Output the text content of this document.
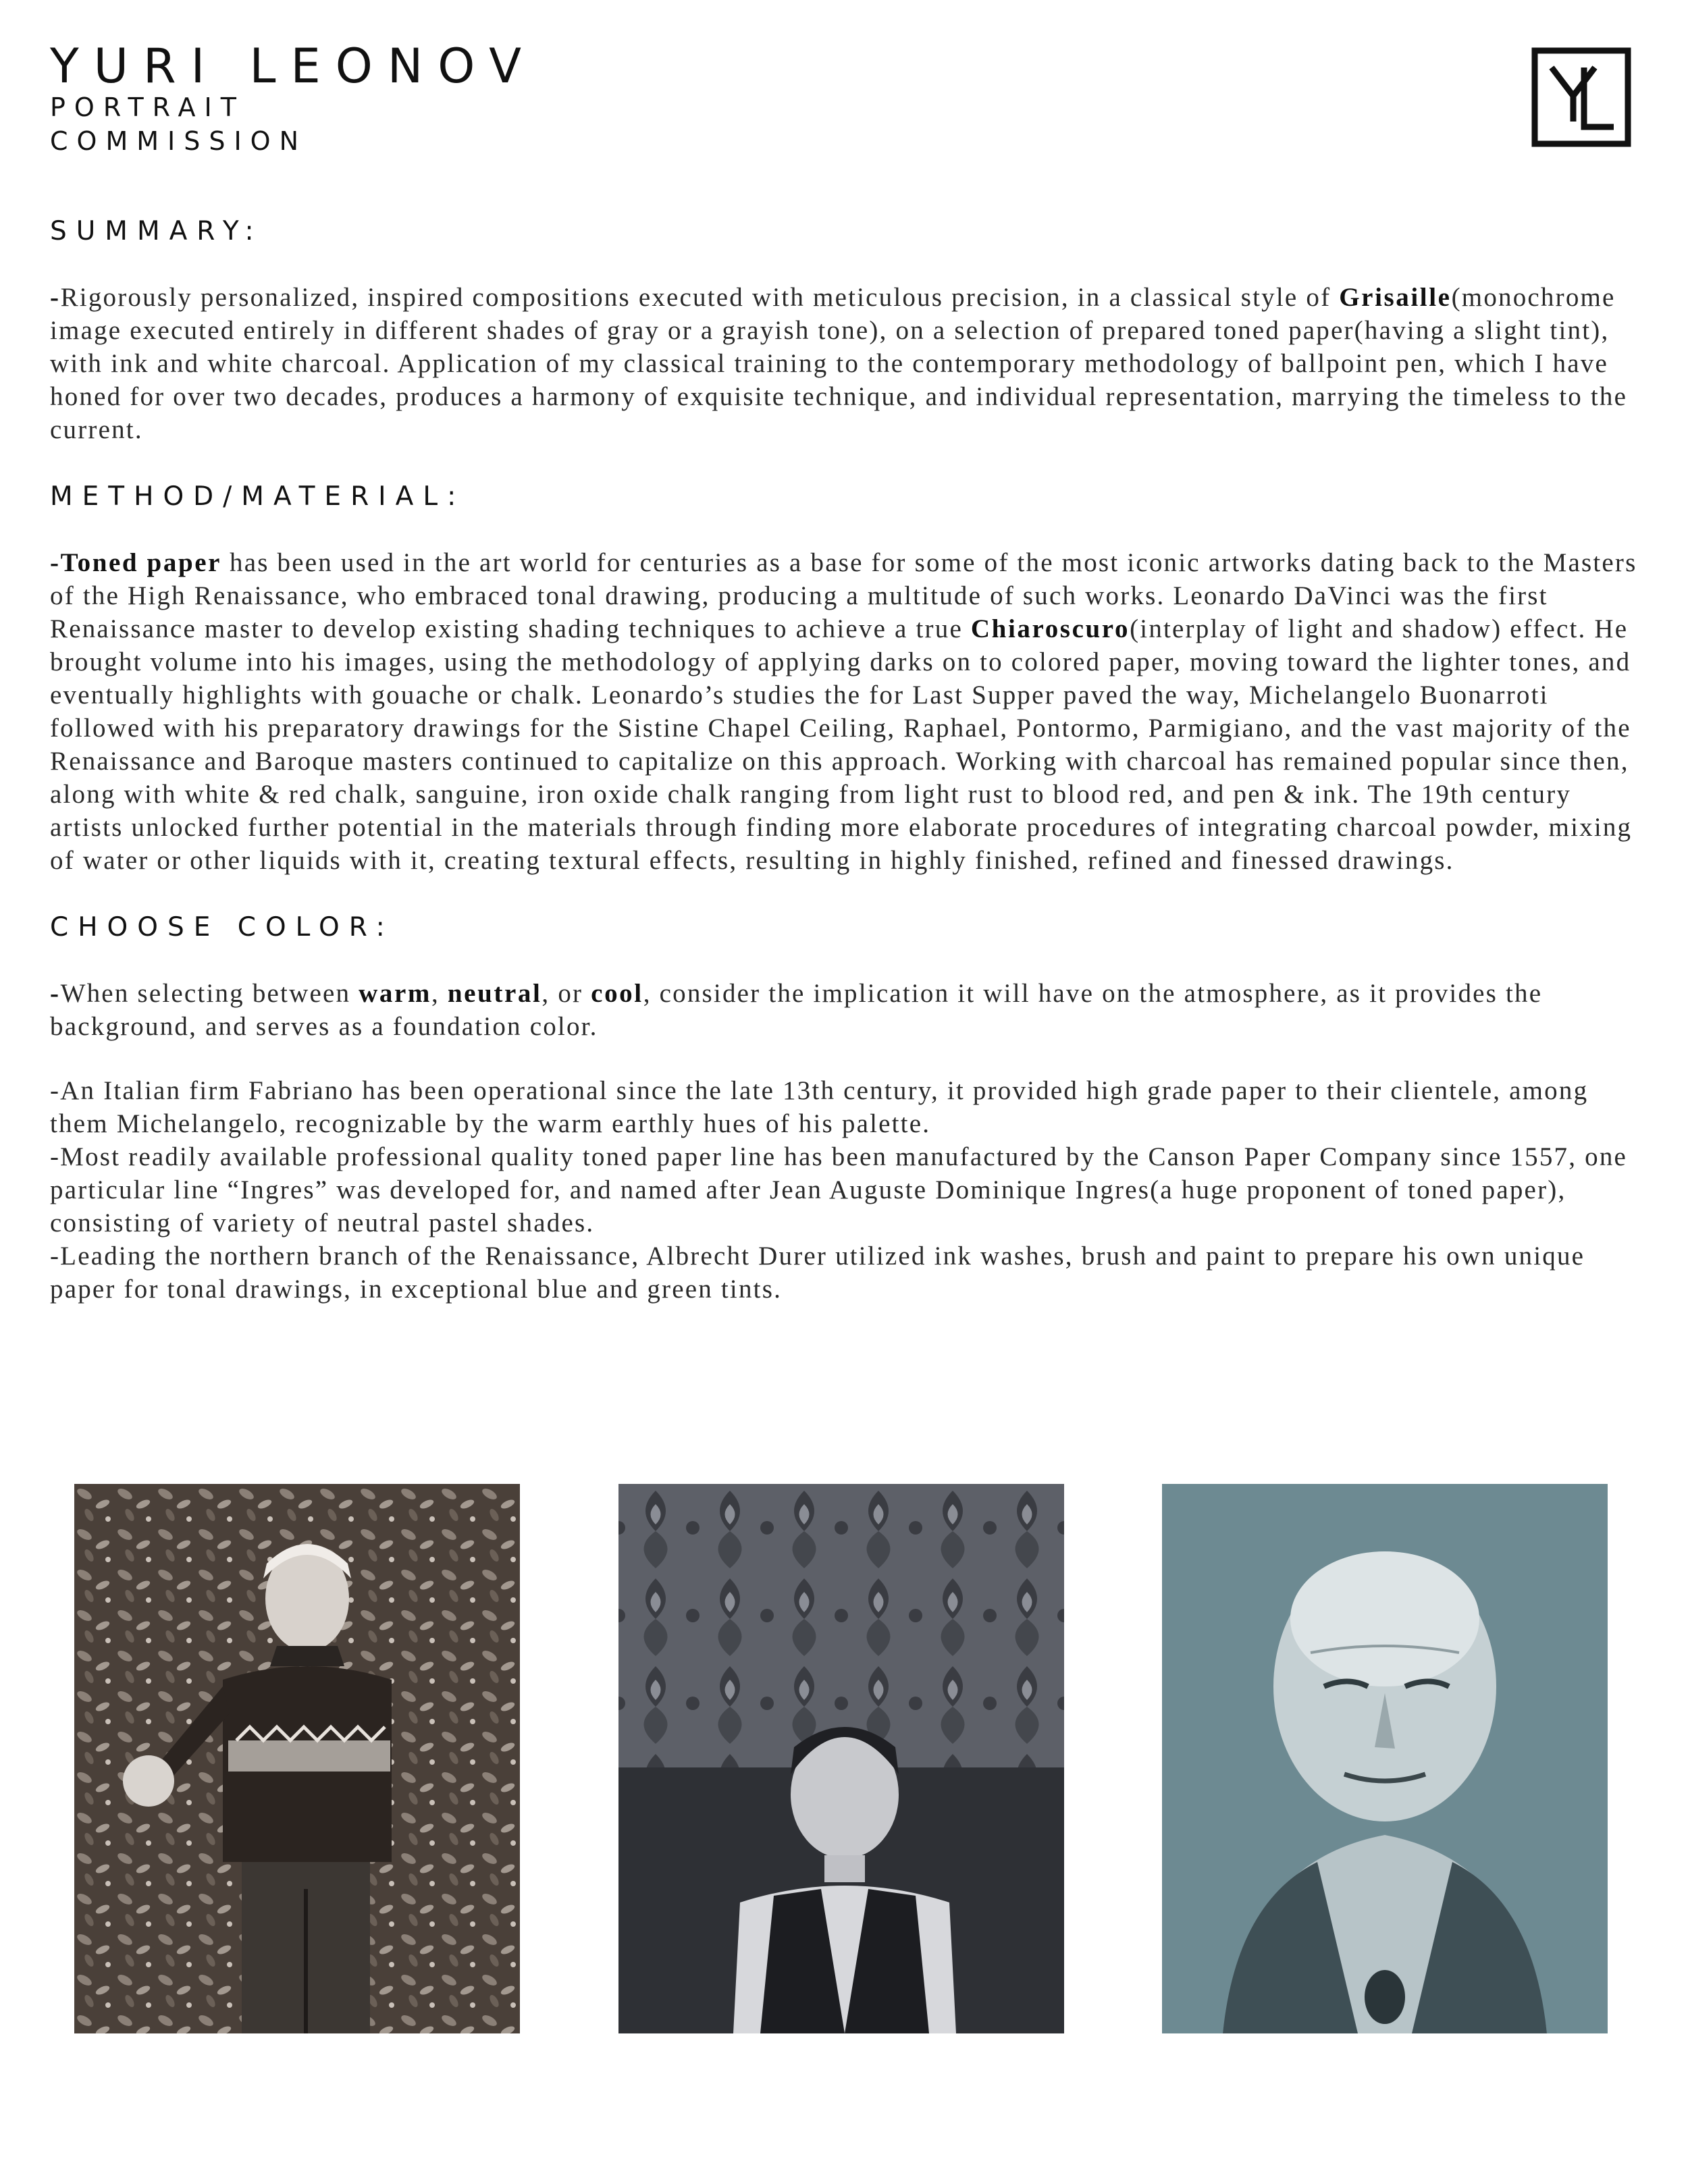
YURI LEONOV
PORTRAIT
COMMISSION
SUMMARY:

-Rigorously personalized, inspired compositions executed with meticulous precision, in a classical style of Grisaille(monochrome image executed entirely in different shades of gray or a grayish tone), on a selection of prepared toned paper(having a slight tint), with ink and white charcoal. Application of my classical training to the contemporary methodology of ballpoint pen, which I have honed for over two decades, produces a harmony of exquisite technique, and individual representation, marrying the timeless to the current.

METHOD/MATERIAL:

-Toned paper has been used in the art world for centuries as a base for some of the most iconic artworks dating back to the Masters of the High Renaissance, who embraced tonal drawing, producing a multitude of such works. Leonardo DaVinci was the first Renaissance master to develop existing shading techniques to achieve a true Chiaroscuro(interplay of light and shadow) effect. He brought volume into his images, using the methodology of applying darks on to colored paper, moving toward the lighter tones, and eventually highlights with gouache or chalk. Leonardo’s studies the for Last Supper paved the way, Michelangelo Buonarroti followed with his preparatory drawings for the Sistine Chapel Ceiling, Raphael, Pontormo, Parmigiano, and the vast majority of the Renaissance and Baroque masters continued to capitalize on this approach. Working with charcoal has remained popular since then, along with white & red chalk, sanguine, iron oxide chalk ranging from light rust to blood red, and pen & ink. The 19th century artists unlocked further potential in the materials through finding more elaborate procedures of integrating charcoal powder, mixing of water or other liquids with it, creating textural effects, resulting in highly finished, refined and finessed drawings.

CHOOSE COLOR:

-When selecting between warm, neutral, or cool, consider the implication it will have on the atmosphere, as it provides the background, and serves as a foundation color.

-An Italian firm Fabriano has been operational since the late 13th century, it provided high grade paper to their clientele, among them Michelangelo, recognizable by the warm earthly hues of his palette.

-Most readily available professional quality toned paper line has been manufactured by the Canson Paper Company since 1557, one particular line “Ingres” was developed for, and named after Jean Auguste Dominique Ingres(a huge proponent of toned paper), consisting of variety of neutral pastel shades.

-Leading the northern branch of the Renaissance, Albrecht Durer utilized ink washes, brush and paint to prepare his own unique paper for tonal drawings, in exceptional blue and green tints.
